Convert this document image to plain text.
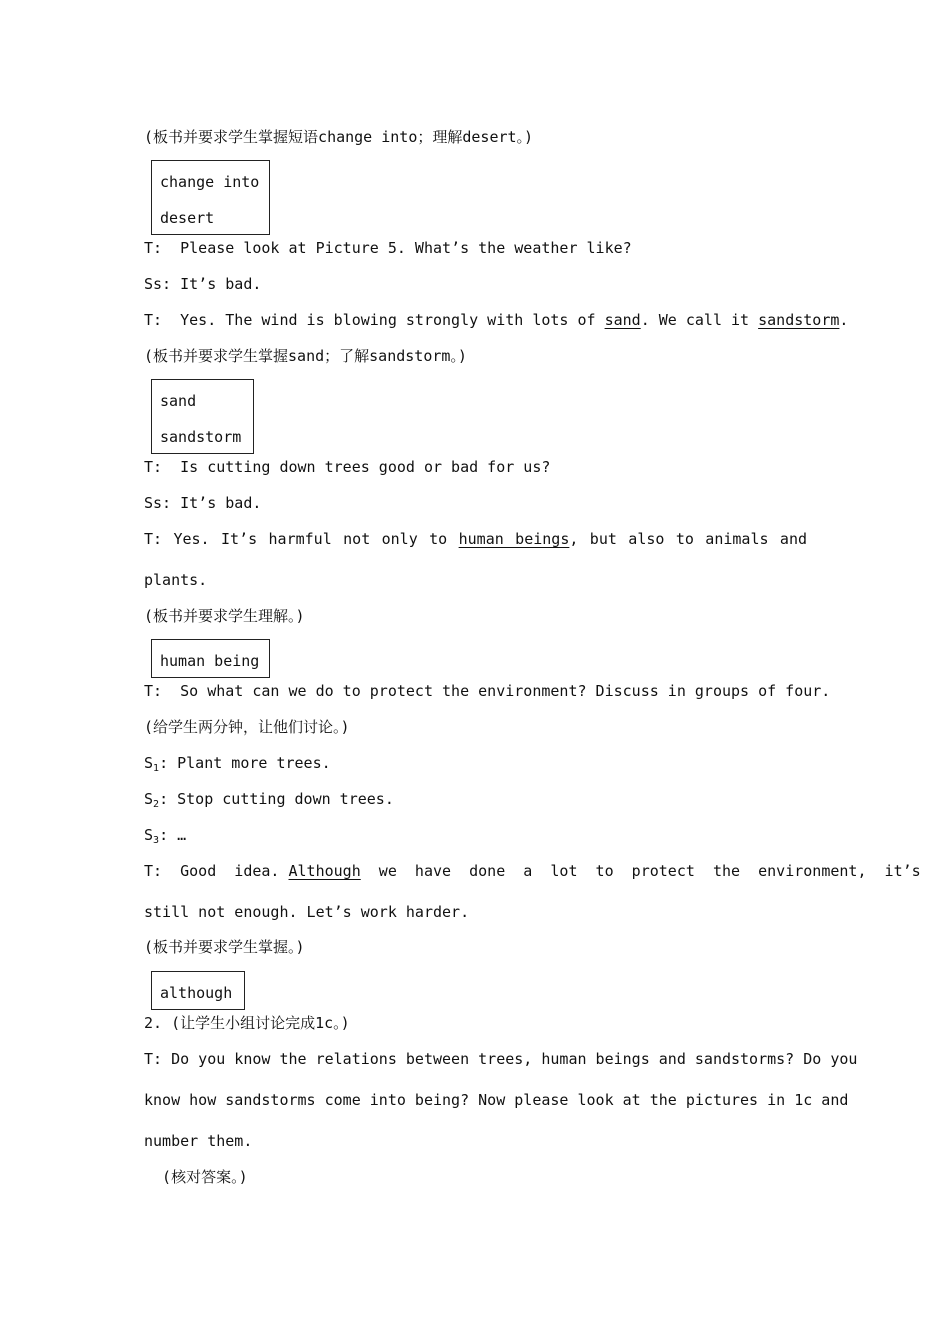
(板书并要求学生掌握短语change into；理解desert。)
change into
desert
T:  Please look at Picture 5. What’s the weather like?
Ss: It’s bad.
T:  Yes. The wind is blowing strongly with lots of sand. We call it sandstorm.
(板书并要求学生掌握sand；了解sandstorm。)
sand
sandstorm
T:  Is cutting down trees good or bad for us?
Ss: It’s bad.
T: Yes. It’s harmful not only to human beings, but also to animals and
plants.
(板书并要求学生理解。)
human being
T:  So what can we do to protect the environment? Discuss in groups of four.
(给学生两分钟，让他们讨论。)
$S_1$: Plant more trees.
$S_2$: Stop cutting down trees.
$S_3$: …
T:  Good  idea. Although  we  have  done  a  lot  to  protect  the  environment,  it’s
still not enough. Let’s work harder.
(板书并要求学生掌握。)
although
2. (让学生小组讨论完成1c。)
T: Do you know the relations between trees, human beings and sandstorms? Do you
know how sandstorms come into being? Now please look at the pictures in 1c and
number them.
(核对答案。)
